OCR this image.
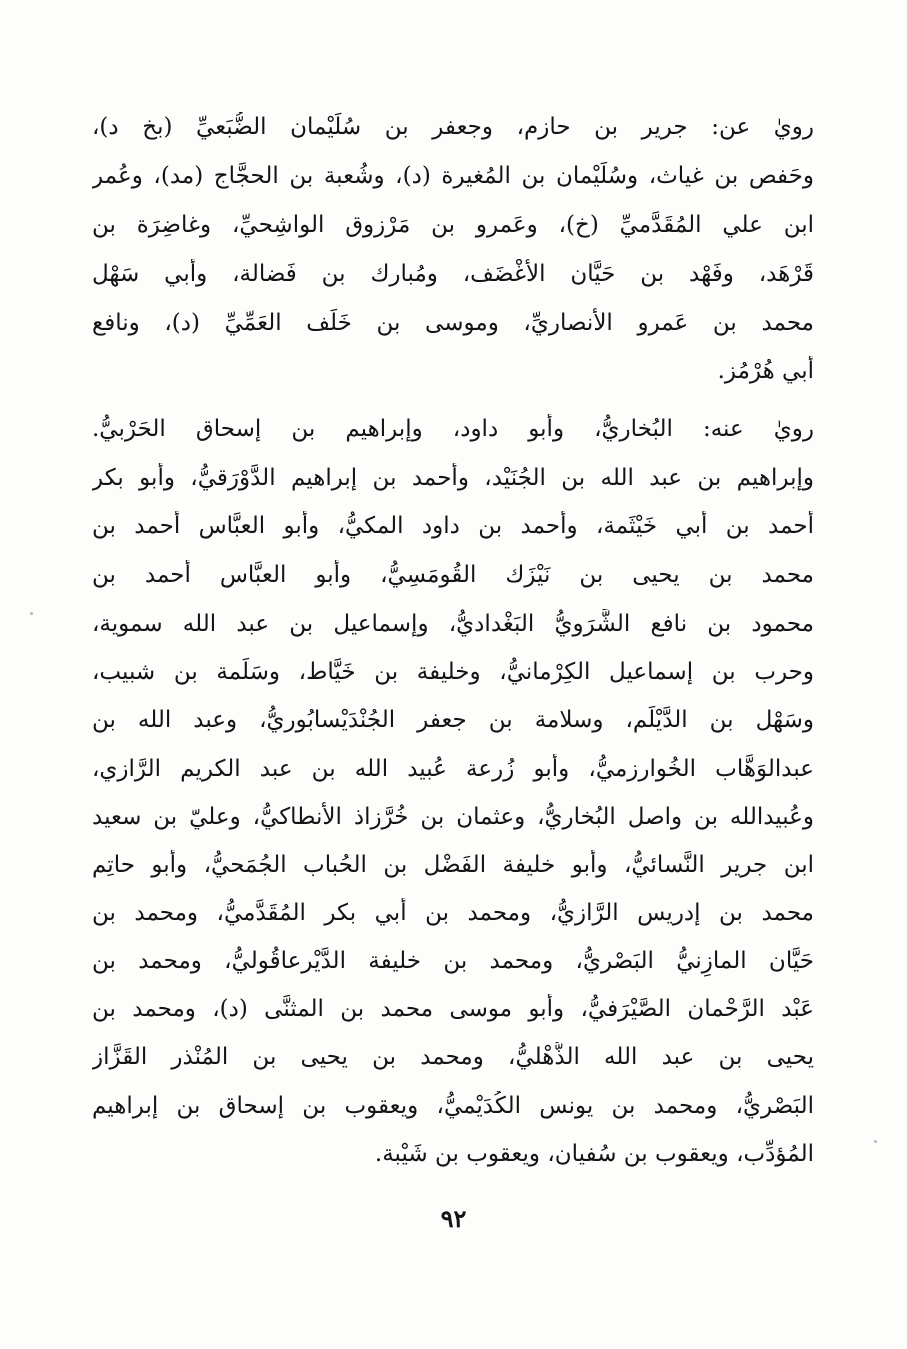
رويٰ عن: جرير بن حازم، وجعفر بن سُلَيْمان الضُّبَعيِّ (بخ د)،
وحَفص بن غياث، وسُلَيْمان بن المُغيرة (د)، وشُعبة بن الحجَّاج (مد)، وعُمر
ابن علي المُقَدَّميِّ (خ)، وعَمرو بن مَرْزوق الواشِحيِّ، وغاضِرَة بن
قَرْهَد، وفَهْد بن حَيَّان الأَغْضَف، ومُبارك بن فَضالة، وأبي سَهْل
محمد بن عَمرو الأنصاريِّ، وموسى بن خَلَف العَمِّيِّ (د)، ونافع
أبي هُرْمُز.
رويٰ عنه: البُخاريُّ، وأبو داود، وإبراهيم بن إسحاق الحَرْبيُّ.
وإبراهيم بن عبد الله بن الجُنَيْد، وأحمد بن إبراهيم الدَّوْرَقيُّ، وأبو بكر
أحمد بن أبي خَيْثَمة، وأحمد بن داود المكيُّ، وأبو العبَّاس أحمد بن
محمد بن يحيى بن نَيْزَك القُومَسِيُّ، وأبو العبَّاس أحمد بن
محمود بن نافع الشَّرَويُّ البَغْداديُّ، وإسماعيل بن عبد الله سموية،
وحرب بن إسماعيل الكِرْمانيُّ، وخليفة بن خَيَّاط، وسَلَمة بن شبيب،
وسَهْل بن الدَّيْلَم، وسلامة بن جعفر الجُنْدَيْسابُوريُّ، وعبد الله بن
عبدالوَهَّاب الخُوارزميُّ، وأبو زُرعة عُبيد الله بن عبد الكريم الرَّازي،
وعُبيدالله بن واصل البُخاريُّ، وعثمان بن خُرَّزاذ الأنطاكيُّ، وعليّ بن سعيد
ابن جرير النَّسائيُّ، وأبو خليفة الفَضْل بن الحُباب الجُمَحيُّ، وأبو حاتِم
محمد بن إدريس الرَّازيُّ، ومحمد بن أبي بكر المُقَدَّميُّ، ومحمد بن
حَيَّان المازِنيُّ البَصْريُّ، ومحمد بن خليفة الدَّيْرعاقُوليُّ، ومحمد بن
عَبْد الرَّحْمان الصَّيْرَفيُّ، وأبو موسى محمد بن المثنَّى (د)، ومحمد بن
يحيى بن عبد الله الذُّهْليُّ، ومحمد بن يحيى بن المُنْذر القَزَّاز
البَصْريُّ، ومحمد بن يونس الكُدَيْميُّ، ويعقوب بن إسحاق بن إبراهيم
المُؤدِّب، ويعقوب بن سُفيان، ويعقوب بن شَيْبة.
٩٢
